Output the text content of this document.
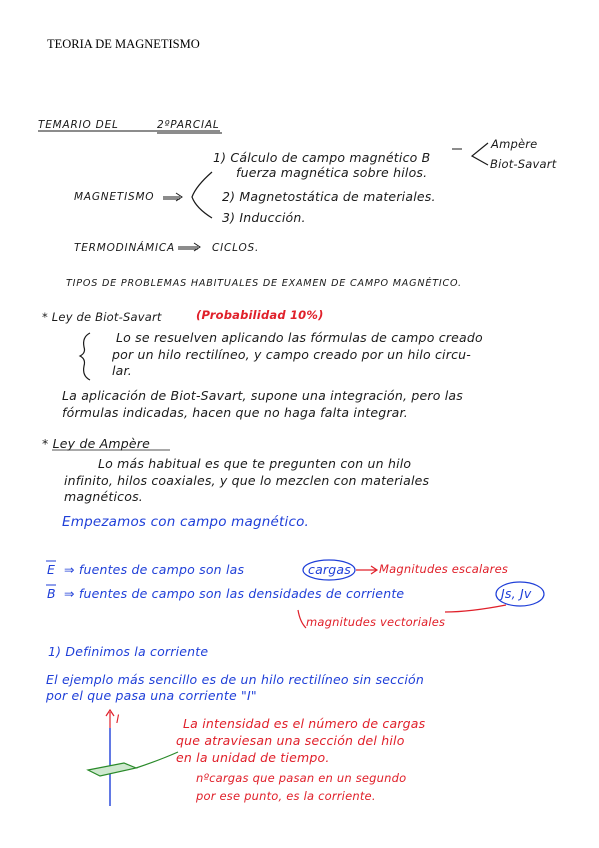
TEORIA DE MAGNETISMO
TEMARIO DEL	2ºPARCIAL
1) Cálculo de campo magnético B
fuerza magnética sobre hilos.
Ampère
Biot-Savart
MAGNETISMO	2) Magnetostática de materiales.
3) Inducción.
TERMODINÁMICA	CICLOS.
TIPOS DE PROBLEMAS HABITUALES DE EXAMEN DE CAMPO MAGNÉTICO.
* Ley de Biot-Savart	(Probabilidad 10%)
Lo se resuelven aplicando las fórmulas de campo creado
por un hilo rectilíneo, y campo creado por un hilo circu-
lar.
La aplicación de Biot-Savart, supone una integración, pero las
fórmulas indicadas, hacen que no haga falta integrar.
* Ley de Ampère
Lo más habitual es que te pregunten con un hilo
infinito, hilos coaxiales, y que lo mezclen con materiales
magnéticos.
Empezamos con campo magnético.
E ⇒ fuentes de campo son las	cargas Magnitudes escalares
B ⇒ fuentes de campo son las densidades de corriente	Js, Jv
magnitudes vectoriales
1) Definimos la corriente
El ejemplo más sencillo es de un hilo rectilíneo sin sección
por el que pasa una corriente "I"
I	La intensidad es el número de cargas
que atraviesan una sección del hilo
en la unidad de tiempo.
nºcargas que pasan en un segundo
por ese punto, es la corriente.
